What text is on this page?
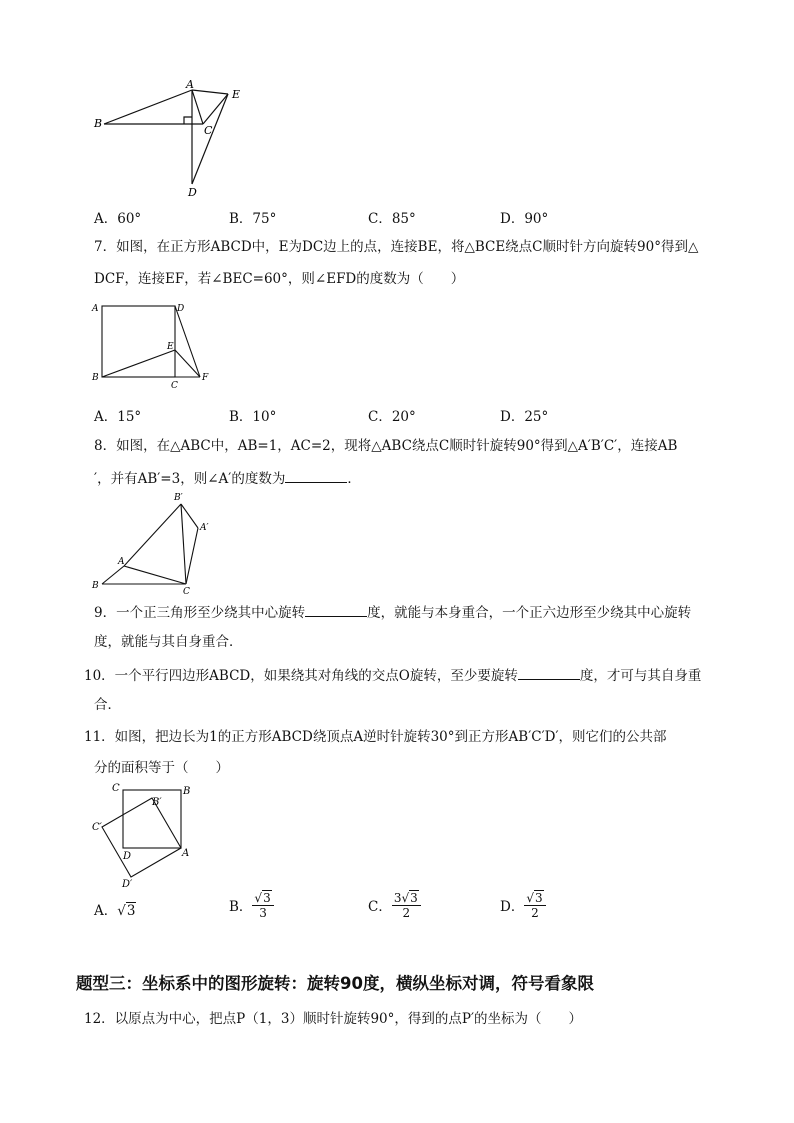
A
B
C
D
E
A．60°	B．75°	C．85°	D．90°
7．如图，在正方形ABCD中，E为DC边上的点，连接BE，将△BCE绕点C顺时针方向旋转90°得到△
DCF，连接EF，若∠BEC=60°，则∠EFD的度数为（　　）
A	D
E
B
C
F
A．15°	B．10°	C．20°	D．25°
8．如图，在△ABC中，AB=1，AC=2，现将△ABC绕点C顺时针旋转90°得到△A′B′C′，连接AB
′，并有AB′=3，则∠A′的度数为	．
B′
A′
A
B
C
9．一个正三角形至少绕其中心旋转	度，就能与本身重合，一个正六边形至少绕其中心旋转
度，就能与其自身重合．
10．一个平行四边形ABCD，如果绕其对角线的交点O旋转，至少要旋转	度，才可与其自身重
合．
11．如图，把边长为1的正方形ABCD绕顶点A逆时针旋转30°到正方形AB′C′D′，则它们的公共部
分的面积等于（　　）
C	B
B′
C′
D	A
D′
A．√3	B． $\frac{√3}{3}$	C． $\frac{3√3}{2}$	D． $\frac{√3}{2}$
题型三：坐标系中的图形旋转：旋转90度，横纵坐标对调，符号看象限
12．以原点为中心，把点P（1，3）顺时针旋转90°，得到的点P′的坐标为（　　）
